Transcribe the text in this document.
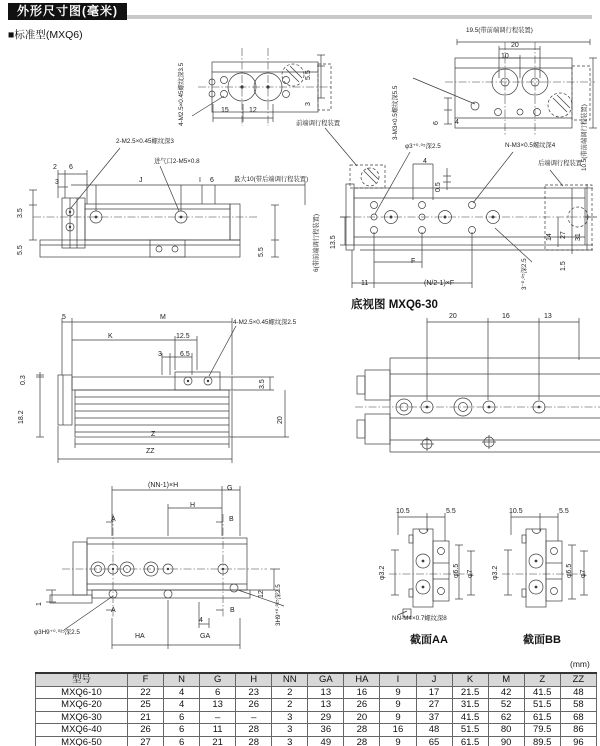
外形尺寸图(毫米)
■标准型(MXQ6)
4-M2.5×0.45螺纹深3.5	15	12
5.5
3
19.5(带前端调行程装置)
20
10
3-M3×0.5螺纹深5.5	10.5(带前端调行程装置)
6 4
2-M2.5×0.45螺纹深3
进气口2-M5×0.8
最大10(带后端调行程装置)
2 6
3	J	I 6
3.5
5.5	5.5
前端调行程装置
φ3⁺⁰·⁰⁵深2.5
4
0.5
N-M3×0.5螺纹深4
后端调行程装置
6(带前端调行程装置) 13.5
F
11	(N/2-1)×F
14 27 31
1.5
3⁻⁰·⁰⁵深2.5
5	M
K	12.5
3	6.5
4-M2.5×0.45螺纹深2.5
0.3
18.2
3.5
20
Z
ZZ
底视图 MXQ6-30
20	16	13
(NN-1)×H	G
H
A	B
A	B
1
12
4
HA	GA
φ3H9⁺⁰·⁰²⁵深2.5
3H9⁺⁰·⁰²⁵深2.5
10.5	5.5
φ3.2	φ6.5 φ7
NN-M4×0.7螺纹深8
截面AA
10.5	5.5
φ3.2	φ6.5 φ7
截面BB
(mm)
型号	F	N	G	H	NN	GA	HA	I	J	K	M	Z	ZZ
MXQ6-10	22	4	6	23	2	13	16	9	17	21.5	42	41.5	48
MXQ6-20	25	4	13	26	2	13	26	9	27	31.5	52	51.5	58
MXQ6-30	21	6	–	–	3	29	20	9	37	41.5	62	61.5	68
MXQ6-40	26	6	11	28	3	36	28	16	48	51.5	80	79.5	86
MXQ6-50	27	6	21	28	3	49	28	9	65	61.5	90	89.5	96
